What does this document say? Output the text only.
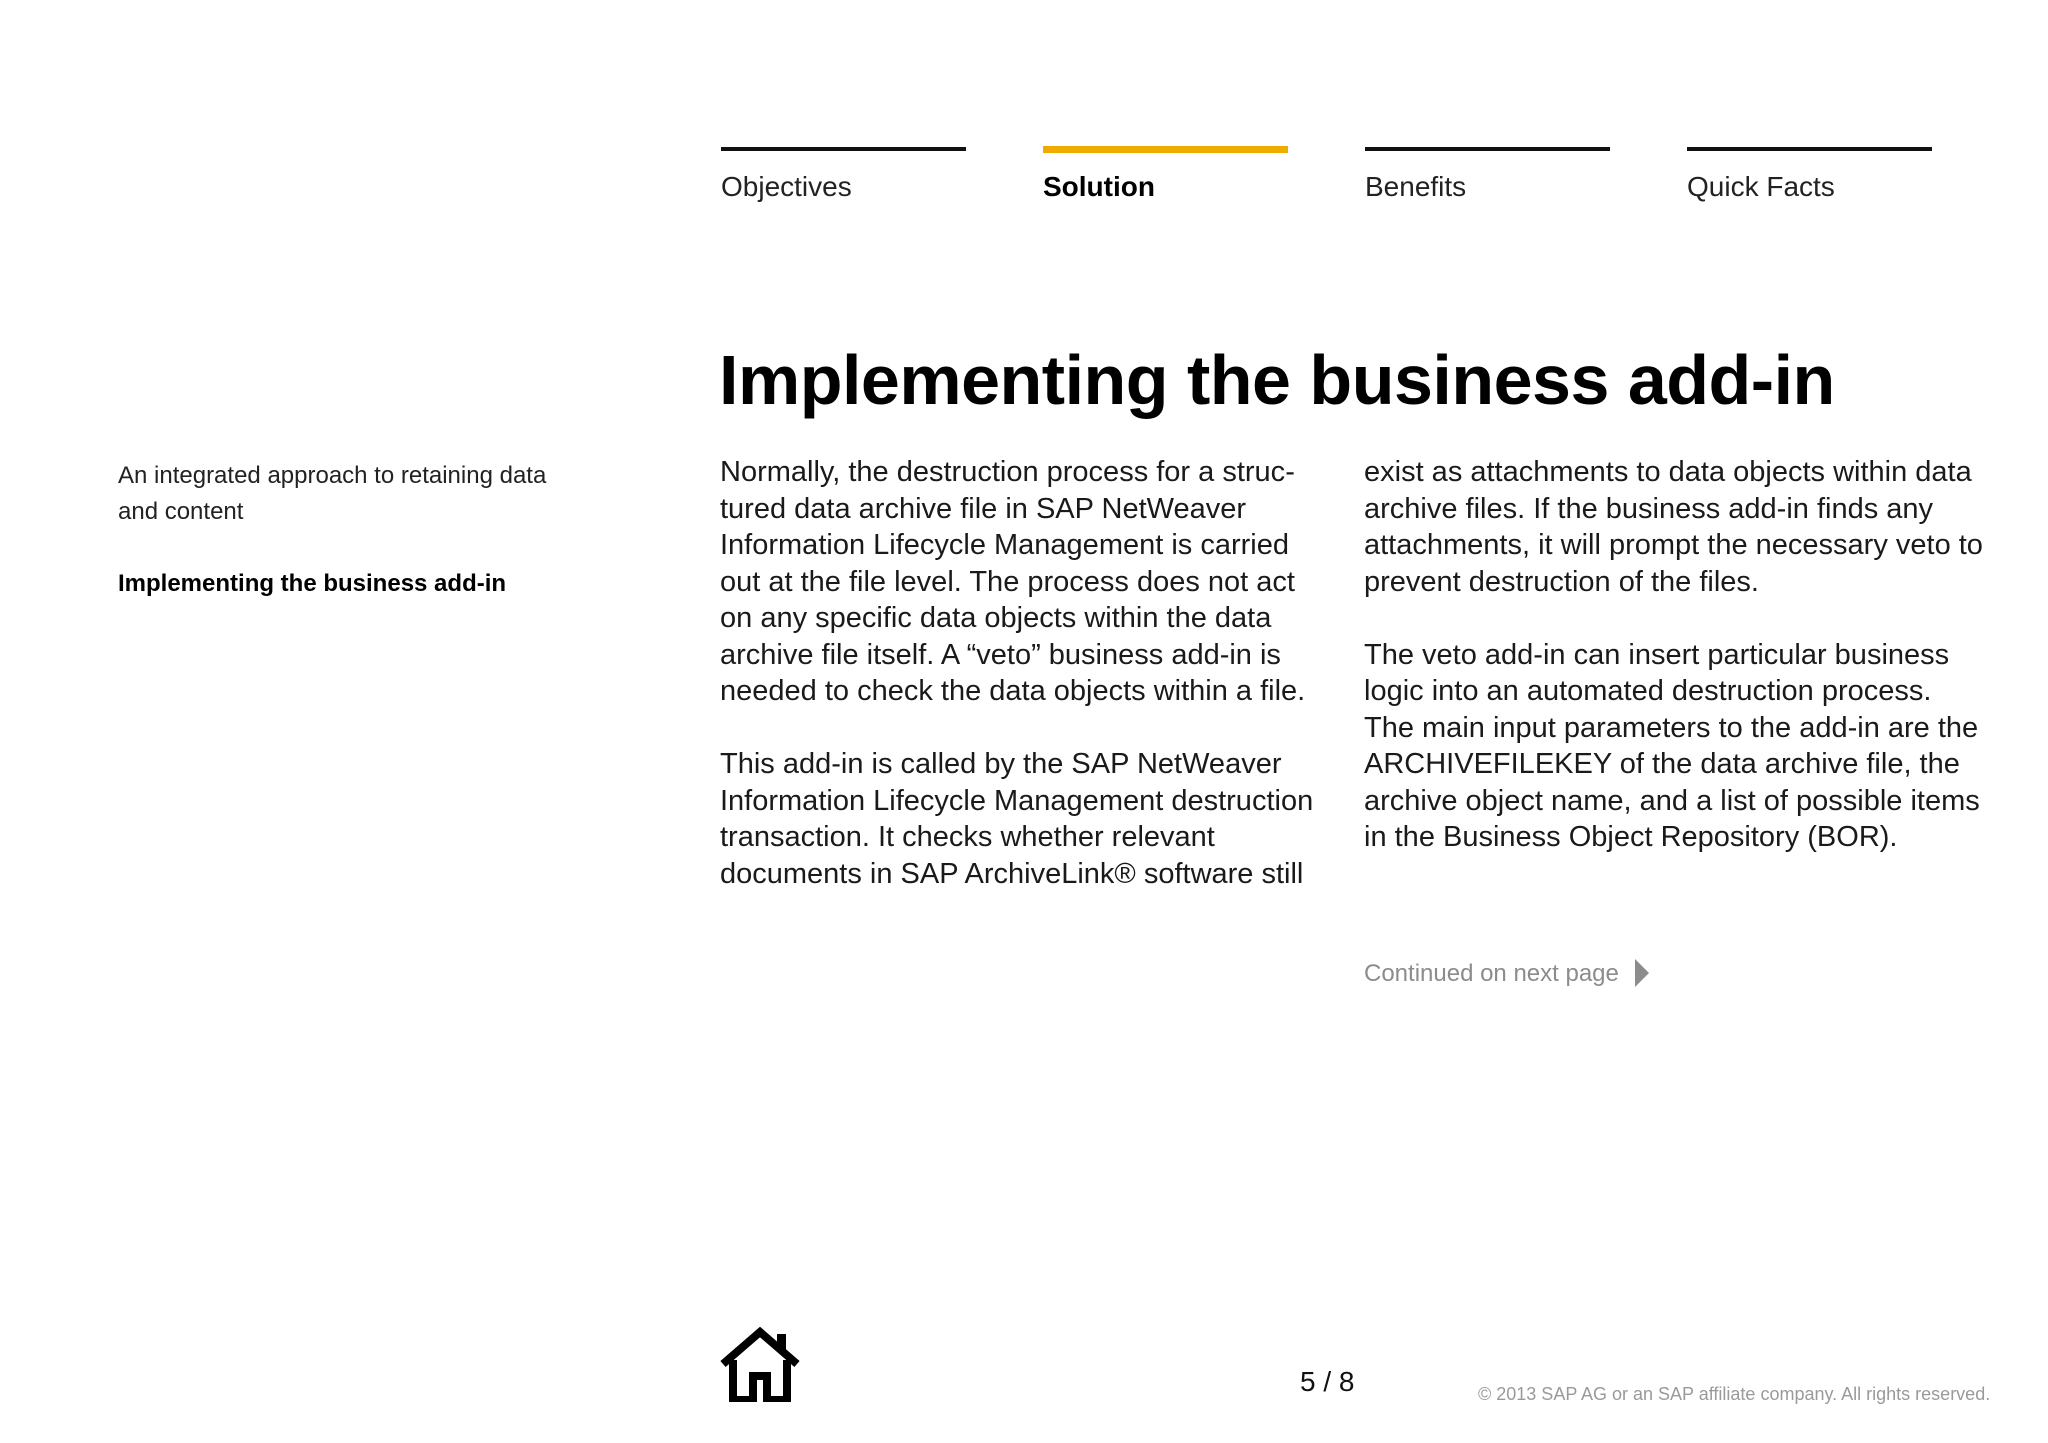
Objectives	Solution	Benefits	Quick Facts
An integrated approach to retaining data and content
Implementing the business add-in
Implementing the business add-in

Normally, the destruction process for a structured data archive file in SAP NetWeaver Information Lifecycle Management is carried out at the file level. The process does not act on any specific data objects within the data archive file itself. A “veto” business add-in is needed to check the data objects within a file.

This add-in is called by the SAP NetWeaver Information Lifecycle Management destruction transaction. It checks whether relevant documents in SAP ArchiveLink® software still

exist as attachments to data objects within data archive files. If the business add-in finds any attachments, it will prompt the necessary veto to prevent destruction of the files.

The veto add-in can insert particular business logic into an automated destruction process. The main input parameters to the add-in are the ARCHIVEFILEKEY of the data archive file, the archive object name, and a list of possible items in the Business Object Repository (BOR).

Continued on next page
5 / 8	© 2013 SAP AG or an SAP affiliate company. All rights reserved.
